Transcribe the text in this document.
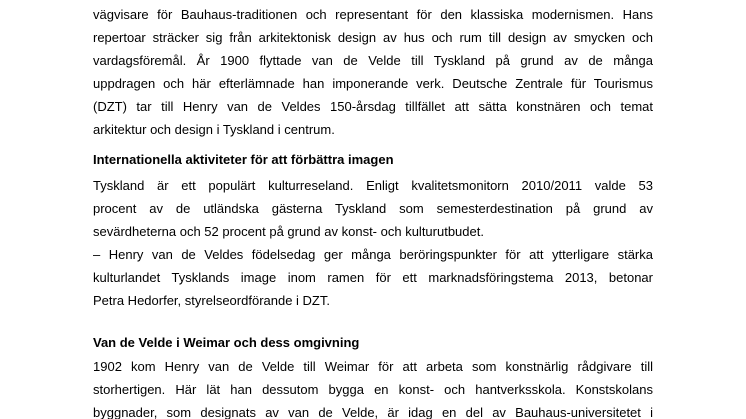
vägvisare för Bauhaus-traditionen och representant för den klassiska modernismen. Hans
repertoar sträcker sig från arkitektonisk design av hus och rum till design av smycken och
vardagsföremål. År 1900 flyttade van de Velde till Tyskland på grund av de många
uppdragen och här efterlämnade han imponerande verk. Deutsche Zentrale für Tourismus
(DZT) tar till Henry van de Veldes 150-årsdag tillfället att sätta konstnären och temat
arkitektur och design i Tyskland i centrum.
Internationella aktiviteter för att förbättra imagen
Tyskland är ett populärt kulturreseland. Enligt kvalitetsmonitorn 2010/2011 valde 53
procent av de utländska gästerna Tyskland som semesterdestination på grund av
sevärdheterna och 52 procent på grund av konst- och kulturutbudet.
– Henry van de Veldes födelsedag ger många beröringspunkter för att ytterligare stärka
kulturlandet Tysklands image inom ramen för ett marknadsföringstema 2013, betonar
Petra Hedorfer, styrelseordförande i DZT.
Van de Velde i Weimar och dess omgivning
1902 kom Henry van de Velde till Weimar för att arbeta som konstnärlig rådgivare till
storhertigen. Här lät han dessutom bygga en konst- och hantverksskola. Konstskolans
byggnader, som designats av van de Velde, är idag en del av Bauhaus-universitetet i
